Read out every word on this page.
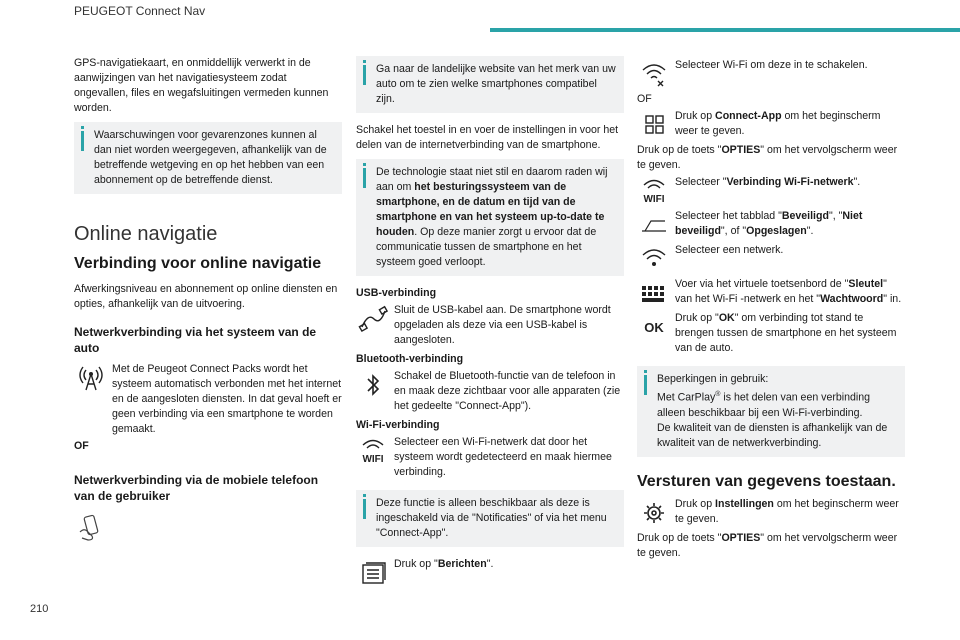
PEUGEOT Connect Nav
210

GPS-navigatiekaart, en onmiddellijk verwerkt in de aanwijzingen van het navigatiesysteem zodat ongevallen, files en wegafsluitingen vermeden kunnen worden.

Waarschuwingen voor gevarenzones kunnen al dan niet worden weergegeven, afhankelijk van de betreffende wetgeving en op het hebben van een abonnement op de betreffende dienst.
Online navigatie
Verbinding voor online navigatie

Afwerkingsniveau en abonnement op online diensten en opties, afhankelijk van de uitvoering.

Netwerkverbinding via het systeem van de auto
Met de Peugeot Connect Packs wordt het systeem automatisch verbonden met het internet en de aangesloten diensten. In dat geval hoeft er geen verbinding via een smartphone te worden gemaakt.

OF

Netwerkverbinding via de mobiele telefoon van de gebruiker
Ga naar de landelijke website van het merk van uw auto om te zien welke smartphones compatibel zijn.

Schakel het toestel in en voer de instellingen in voor het delen van de internetverbinding van de smartphone.

De technologie staat niet stil en daarom raden wij aan om het besturingssysteem van de smartphone, en de datum en tijd van de smartphone en van het systeem up-to-date te houden. Op deze manier zorgt u ervoor dat de communicatie tussen de smartphone en het systeem goed verloopt.

USB-verbinding

Sluit de USB-kabel aan. De smartphone wordt opgeladen als deze via een USB-kabel is aangesloten.

Bluetooth-verbinding

Schakel de Bluetooth-functie van de telefoon in en maak deze zichtbaar voor alle apparaten (zie het gedeelte "Connect-App").

Wi-Fi-verbinding

WIFI
Selecteer een Wi-Fi-netwerk dat door het systeem wordt gedetecteerd en maak hiermee verbinding.
Deze functie is alleen beschikbaar als deze is ingeschakeld via de "Notificaties" of via het menu "Connect-App".
Druk op "Berichten".
Selecteer Wi-Fi om deze in te schakelen.

OF

Druk op Connect-App om het beginscherm weer te geven.

Druk op de toets "OPTIES" om het vervolgscherm weer te geven.

WIFI
Selecteer "Verbinding Wi-Fi-netwerk".
Selecteer het tabblad "Beveiligd", "Niet beveiligd", of "Opgeslagen".
Selecteer een netwerk.
Voer via het virtuele toetsenbord de "Sleutel" van het Wi-Fi -netwerk en het "Wachtwoord" in.
OK
Druk op "OK" om verbinding tot stand te brengen tussen de smartphone en het systeem van de auto.
Beperkingen in gebruik:
Met CarPlay® is het delen van een verbinding alleen beschikbaar bij een Wi-Fi-verbinding.
De kwaliteit van de diensten is afhankelijk van de kwaliteit van de netwerkverbinding.
Versturen van gegevens toestaan.
Druk op Instellingen om het beginscherm weer te geven.

Druk op de toets "OPTIES" om het vervolgscherm weer te geven.
